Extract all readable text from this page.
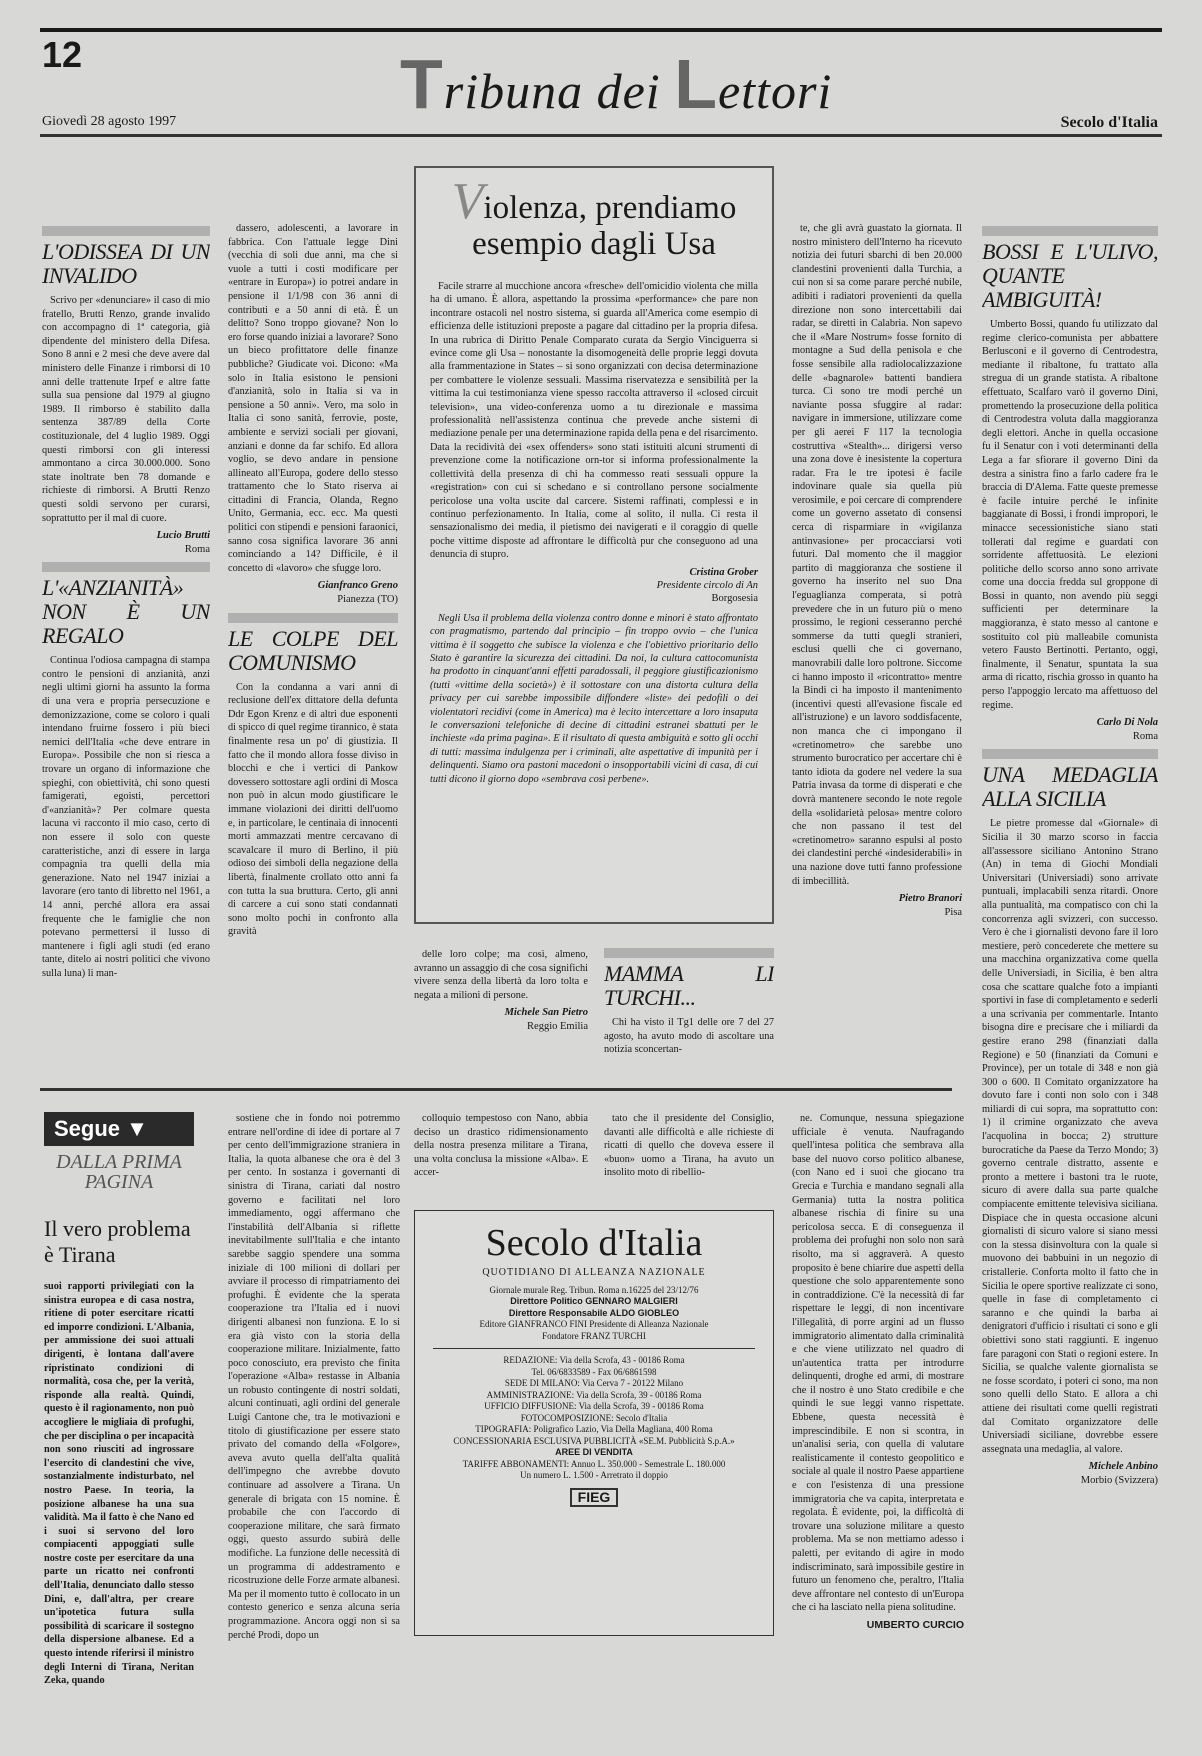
12	Tribuna dei Lettori
Giovedì 28 agosto 1997	Secolo d'Italia
L'ODISSEA DI UN INVALIDO

Scrivo per «denunciare» il caso di mio fratello, Brutti Renzo, grande invalido con accompagno di 1ª categoria, già dipendente del ministero della Difesa. Sono 8 anni e 2 mesi che deve avere dal ministero delle Finanze i rimborsi di 10 anni delle trattenute Irpef e altre fatte sulla sua pensione dal 1979 al giugno 1989. Il rimborso è stabilito dalla sentenza 387/89 della Corte costituzionale, del 4 luglio 1989. Oggi questi rimborsi con gli interessi ammontano a circa 30.000.000. Sono state inoltrate ben 78 domande e richieste di rimborsi. A Brutti Renzo questi soldi servono per curarsi, soprattutto per il mal di cuore.

Lucio Brutti
Roma
L'«ANZIANITÀ» NON È UN REGALO

Continua l'odiosa campagna di stampa contro le pensioni di anzianità, anzi negli ultimi giorni ha assunto la forma di una vera e propria persecuzione e demonizzazione, come se coloro i quali intendano fruirne fossero i più bieci nemici dell'Italia «che deve entrare in Europa». Possibile che non si riesca a trovare un organo di informazione che spieghi, con obiettività, chi sono questi famigerati, egoisti, percettori d'«anzianità»? Per colmare questa lacuna vi racconto il mio caso, certo di non essere il solo con queste caratteristiche, anzi di essere in larga compagnia tra quelli della mia generazione. Nato nel 1947 iniziai a lavorare (ero tanto di libretto nel 1961, a 14 anni, perché allora era assai frequente che le famiglie che non potevano permettersi il lusso di mantenere i figli agli studi (ed erano tante, ditelo ai nostri politici che vivono sulla luna) li man-

dassero, adolescenti, a lavorare in fabbrica. Con l'attuale legge Dini (vecchia di soli due anni, ma che si vuole a tutti i costi modificare per «entrare in Europa») io potrei andare in pensione il 1/1/98 con 36 anni di contributi e a 50 anni di età. È un delitto? Sono troppo giovane? Non lo ero forse quando iniziai a lavorare? Sono un bieco profittatore delle finanze pubbliche? Giudicate voi. Dicono: «Ma solo in Italia esistono le pensioni d'anzianità, solo in Italia si va in pensione a 50 anni». Vero, ma solo in Italia ci sono sanità, ferrovie, poste, ambiente e servizi sociali per giovani, anziani e donne da far schifo. Ed allora voglio, se devo andare in pensione allineato all'Europa, godere dello stesso trattamento che lo Stato riserva ai cittadini di Francia, Olanda, Regno Unito, Germania, ecc. ecc. Ma questi politici con stipendi e pensioni faraonici, sanno cosa significa lavorare 36 anni cominciando a 14? Difficile, è il concetto di «lavoro» che sfugge loro.

Gianfranco Greno
Pianezza (TO)
LE COLPE DEL COMUNISMO

Con la condanna a vari anni di reclusione dell'ex dittatore della defunta Ddr Egon Krenz e di altri due esponenti di spicco di quel regime tirannico, è stata finalmente resa un po' di giustizia. Il fatto che il mondo allora fosse diviso in blocchi e che i vertici di Pankow dovessero sottostare agli ordini di Mosca non può in alcun modo giustificare le immane violazioni dei diritti dell'uomo e, in particolare, le centinaia di innocenti morti ammazzati mentre cercavano di scavalcare il muro di Berlino, il più odioso dei simboli della negazione della libertà, finalmente crollato otto anni fa con tutta la sua bruttura. Certo, gli anni di carcere a cui sono stati condannati sono molto pochi in confronto alla gravità

Violenza, prendiamo esempio dagli Usa

Facile strarre al mucchione ancora «fresche» dell'omicidio violenta che milla ha di umano. È allora, aspettando la prossima «performance» che pare non incontrare ostacoli nel nostro sistema, si guarda all'America come esempio di efficienza delle istituzioni preposte a pagare dal cittadino per la propria difesa. In una rubrica di Diritto Penale Comparato curata da Sergio Vinciguerra si evince come gli Usa – nonostante la disomogeneità delle proprie leggi dovuta alla frammentazione in States – si sono organizzati con decisa determinazione per combattere le violenze sessuali. Massima riservatezza e sensibilità per la vittima la cui testimonianza viene spesso raccolta attraverso il «closed circuit television», una video-conferenza uomo a tu direzionale e massima professionalità nell'assistenza continua che prevede anche sistemi di mediazione penale per una determinazione rapida della pena e del risarcimento. Data la recidività dei «sex offenders» sono stati istituiti alcuni strumenti di prevenzione come la notificazione orn-tor si informa professionalmente la collettività della presenza di chi ha commesso reati sessuali oppure la «registration» con cui si schedano e si controllano persone socialmente pericolose una volta uscite dal carcere. Sistemi raffinati, complessi e in continuo perfezionamento. In Italia, come al solito, il nulla. Ci resta il sensazionalismo dei media, il pietismo dei navigerati e il coraggio di quelle poche vittime disposte ad affrontare le difficoltà pur che conseguono ad una denuncia di stupro.

Cristina Grober
Presidente circolo di An
Borgosesia

Negli Usa il problema della violenza contro donne e minori è stato affrontato con pragmatismo, partendo dal principio – fin troppo ovvio – che l'unica vittima è il soggetto che subisce la violenza e che l'obiettivo prioritario dello Stato è garantire la sicurezza dei cittadini. Da noi, la cultura cattocomunista ha prodotto in cinquant'anni effetti paradossali, il peggiore giustificazionismo (tutti «vittime della società») è il sottostare con una distorta cultura della privacy per cui sarebbe impossibile diffondere «liste» dei pedofili o dei violentatori recidivi (come in America) ma è lecito intercettare a loro insaputa le conversazioni telefoniche di decine di cittadini estranei sbattuti per le inchieste «da prima pagina». E il risultato di questa ambiguità e sotto gli occhi di tutti: massima indulgenza per i criminali, alte aspettative di impunità per i delinquenti. Siamo ora pastoni macedoni o insopportabili vicini di casa, di cui tutti dicono il giorno dopo «sembrava così perbene».

delle loro colpe; ma così, almeno, avranno un assaggio di che cosa significhi vivere senza della libertà da loro tolta e negata a milioni di persone.

Michele San Pietro
Reggio Emilia
MAMMA LI TURCHI...

Chi ha visto il Tg1 delle ore 7 del 27 agosto, ha avuto modo di ascoltare una notizia sconcertan-

te, che gli avrà guastato la giornata. Il nostro ministero dell'Interno ha ricevuto notizia dei futuri sbarchi di ben 20.000 clandestini provenienti dalla Turchia, a cui non si sa come parare perché nubile, adibiti i radiatori provenienti da quella direzione non sono intercettabili dai radar, se diretti in Calabria. Non sapevo che il «Mare Nostrum» fosse fornito di montagne a Sud della penisola e che fosse sensibile alla radiolocalizzazione delle «bagnarole» battenti bandiera turca. Ci sono tre modi perché un naviante possa sfuggire al radar: navigare in immersione, utilizzare come per gli aerei F 117 la tecnologia costruttiva «Stealth»... dirigersi verso una zona dove è inesistente la copertura radar. Fra le tre ipotesi è facile indovinare quale sia quella più verosimile, e poi cercare di comprendere come un governo assetato di consensi cerca di risparmiare in «vigilanza antinvasione» per procacciarsi voti futuri. Dal momento che il maggior partito di maggioranza che sostiene il governo ha inserito nel suo Dna l'eguaglianza comperata, si potrà prevedere che in un futuro più o meno prossimo, le regioni cesseranno perché sommerse da tutti quegli stranieri, esclusi quelli che ci governano, manovrabili dalle loro poltrone. Siccome ci hanno imposto il «ricontratto» mentre la Bindi ci ha imposto il mantenimento (incentivi questi all'evasione fiscale ed all'istruzione) e un lavoro soddisfacente, non manca che ci impongano il «cretinometro» che sarebbe uno strumento burocratico per accertare chi è tanto idiota da godere nel vedere la sua Patria invasa da torme di disperati e che dovrà mantenere secondo le note regole della «solidarietà pelosa» mentre coloro che non passano il test del «cretinometro» saranno espulsi al posto dei clandestini perché «indesiderabili» in una nazione dove tutti fanno professione di imbecillità.

Pietro Branori
Pisa
BOSSI E L'ULIVO, QUANTE AMBIGUITÀ!

Umberto Bossi, quando fu utilizzato dal regime clerico-comunista per abbattere Berlusconi e il governo di Centrodestra, mediante il ribaltone, fu trattato alla stregua di un grande statista. A ribaltone effettuato, Scalfaro varò il governo Dini, promettendo la prosecuzione della politica di Centrodestra voluta dalla maggioranza degli elettori. Anche in quella occasione fu il Senatur con i voti determinanti della Lega a far sfiorare il governo Dini da destra a sinistra fino a farlo cadere fra le braccia di D'Alema. Fatte queste premesse è facile intuire perché le infinite baggianate di Bossi, i frondi impropori, le minacce secessionistiche siano stati tollerati dal regime e guardati con sorridente affettuosità. Le elezioni politiche dello scorso anno sono arrivate come una doccia fredda sul groppone di Bossi in quanto, non avendo più seggi sufficienti per determinare la maggioranza, è stato messo al cantone e sostituito col più malleabile comunista vetero Fausto Bertinotti. Pertanto, oggi, finalmente, il Senatur, spuntata la sua arma di ricatto, rischia grosso in quanto ha perso l'appoggio lercato ma affettuoso del regime.

Carlo Di Nola
Roma
UNA MEDAGLIA ALLA SICILIA

Le pietre promesse dal «Giornale» di Sicilia il 30 marzo scorso in faccia all'assessore siciliano Antonino Strano (An) in tema di Giochi Mondiali Universitari (Universiadi) sono arrivate puntuali, implacabili senza ritardi. Onore alla puntualità, ma compatisco con chi la concorrenza agli svizzeri, con successo. Vero è che i giornalisti devono fare il loro mestiere, però concederete che mettere su una macchina organizzativa come quella delle Universiadi, in Sicilia, è ben altra cosa che scattare qualche foto a impianti sportivi in fase di completamento e sederli a una scrivania per commentarle. Intanto bisogna dire e precisare che i miliardi da gestire erano 298 (finanziati dalla Regione) e 50 (finanziati da Comuni e Province), per un totale di 348 e non già 300 o 600. Il Comitato organizzatore ha dovuto fare i conti non solo con i 348 miliardi di cui sopra, ma soprattutto con: 1) il crimine organizzato che aveva l'acquolina in bocca; 2) strutture burocratiche da Paese da Terzo Mondo; 3) governo centrale distratto, assente e pronto a mettere i bastoni tra le ruote, sicuro di avere dalla sua parte qualche compiacente emittente televisiva siciliana. Dispiace che in questa occasione alcuni giornalisti di sicuro valore si siano messi con la stessa disinvoltura con la quale si muovono dei babbuini in un negozio di cristallerie. Conforta molto il fatto che in Sicilia le opere sportive realizzate ci sono, quelle in fase di completamento ci saranno e che quindi la barba ai denigratori d'ufficio i risultati ci sono e gli obiettivi sono stati raggiunti. E ingenuo fare paragoni con Stati o regioni estere. In Sicilia, se qualche valente giornalista se ne fosse scordato, i poteri ci sono, ma non sono quelli dello Stato. E allora a chi attiene dei risultati come quelli registrati dal Comitato organizzatore delle Universiadi siciliane, dovrebbe essere assegnata una medaglia, al valore.

Michele Anbino
Morbio (Svizzera)
Segue ▼
DALLA PRIMA PAGINA
Il vero problema è Tirana

suoi rapporti privilegiati con la sinistra europea e di casa nostra, ritiene di poter esercitare ricatti ed imporre condizioni. L'Albania, per ammissione dei suoi attuali dirigenti, è lontana dall'avere ripristinato condizioni di normalità, cosa che, per la verità, risponde alla realtà. Quindi, questo è il ragionamento, non può accogliere le migliaia di profughi, che per disciplina o per incapacità non sono riusciti ad ingrossare l'esercito di clandestini che vive, sostanzialmente indisturbato, nel nostro Paese. In teoria, la posizione albanese ha una sua validità. Ma il fatto è che Nano ed i suoi si servono del loro compiacenti appoggiati sulle nostre coste per esercitare da una parte un ricatto nei confronti dell'Italia, denunciato dallo stesso Dini, e, dall'altra, per creare un'ipotetica futura sulla possibilità di scaricare il sostegno della dispersione albanese. Ed a questo intende riferirsi il ministro degli Interni di Tirana, Neritan Zeka, quando

sostiene che in fondo noi potremmo entrare nell'ordine di idee di portare al 7 per cento dell'immigrazione straniera in Italia, la quota albanese che ora è del 3 per cento. In sostanza i governanti di sinistra di Tirana, cariati dal nostro governo e facilitati nel loro immediamento, oggi affermano che l'instabilità dell'Albania si riflette inevitabilmente sull'Italia e che intanto sarebbe saggio spendere una somma iniziale di 100 milioni di dollari per avviare il processo di rimpatriamento dei profughi. È evidente che la sperata cooperazione tra l'Italia ed i nuovi dirigenti albanesi non funziona. E lo si era già visto con la storia della cooperazione militare. Inizialmente, fatto poco conosciuto, era previsto che finita l'operazione «Alba» restasse in Albania un robusto contingente di nostri soldati, alcuni continuati, agli ordini del generale Luigi Cantone che, tra le motivazioni e titolo di giustificazione per essere stato privato del comando della «Folgore», aveva avuto quella dell'alta qualità dell'impegno che avrebbe dovuto continuare ad assolvere a Tirana. Un generale di brigata con 15 nomine. È probabile che con l'accordo di cooperazione militare, che sarà firmato oggi, questo assurdo subirà delle modifiche. La funzione delle necessità di un programma di addestramento e ricostruzione delle Forze armate albanesi. Ma per il momento tutto è collocato in un contesto generico e senza alcuna seria programmazione. Ancora oggi non si sa perché Prodi, dopo un

colloquio tempestoso con Nano, abbia deciso un drastico ridimensionamento della nostra presenza militare a Tirana, una volta conclusa la missione «Alba». E accer-

tato che il presidente del Consiglio, davanti alle difficoltà e alle richieste di ricatti di quello che doveva essere il «buon» uomo a Tirana, ha avuto un insolito moto di ribellio-

ne. Comunque, nessuna spiegazione ufficiale è venuta. Naufragando quell'intesa politica che sembrava alla base del nuovo corso politico albanese, (con Nano ed i suoi che giocano tra Grecia e Turchia e mandano segnali alla Germania) tutta la nostra politica albanese rischia di finire su una pericolosa secca. E di conseguenza il problema dei profughi non solo non sarà risolto, ma si aggraverà. A questo proposito è bene chiarire due aspetti della questione che solo apparentemente sono in contraddizione. C'è la necessità di far rispettare le leggi, di non incentivare l'illegalità, di porre argini ad un flusso immigratorio alimentato dalla criminalità e che viene utilizzato nel quadro di un'autentica tratta per introdurre delinquenti, droghe ed armi, di mostrare che il nostro è uno Stato credibile e che quindi le sue leggi vanno rispettate. Ebbene, questa necessità è imprescindibile. E non si scontra, in un'analisi seria, con quella di valutare realisticamente il contesto geopolitico e sociale al quale il nostro Paese appartiene e con l'esistenza di una pressione immigratoria che va capita, interpretata e regolata. È evidente, poi, la difficoltà di trovare una soluzione militare a questo problema. Ma se non mettiamo adesso i paletti, per evitando di agire in modo indiscriminato, sarà impossibile gestire in futuro un fenomeno che, peraltro, l'Italia deve affrontare nel contesto di un'Europa che ci ha lasciato nella piena solitudine.

UMBERTO CURCIO
Secolo d'Italia
QUOTIDIANO DI ALLEANZA NAZIONALE
Giornale murale Reg. Tribun. Roma n.16225 del 23/12/76
Direttore Politico GENNARO MALGIERI
Direttore Responsabile ALDO GIOBLEO
Editore GIANFRANCO FINI Presidente di Alleanza Nazionale
Fondatore FRANZ TURCHI
REDAZIONE: Via della Scrofa, 43 - 00186 Roma
Tel. 06/6833589 - Fax 06/6861598
SEDE DI MILANO: Via Cerva 7 - 20122 Milano
AMMINISTRAZIONE: Via della Scrofa, 39 - 00186 Roma
UFFICIO DIFFUSIONE: Via della Scrofa, 39 - 00186 Roma
FOTOCOMPOSIZIONE: Secolo d'Italia
TIPOGRAFIA: Poligrafico Lazio, Via Della Magliana, 400 Roma
CONCESSIONARIA ESCLUSIVA PUBBLICITÀ «SE.M. Pubblicità S.p.A.»
AREE DI VENDITA
TARIFFE ABBONAMENTI: Annuo L. 350.000 - Semestrale L. 180.000
Un numero L. 1.500 - Arretrato il doppio
FIEG
